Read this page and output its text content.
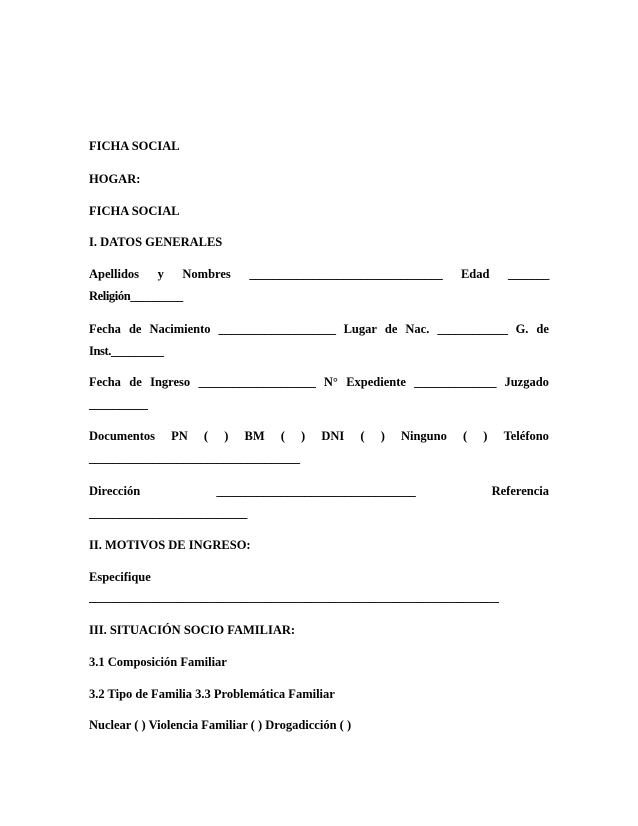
FICHA SOCIAL
HOGAR:
FICHA SOCIAL
I. DATOS GENERALES
Apellidos y Nombres _________________________________ Edad _______
Religión_________
Fecha de Nacimiento ____________________ Lugar de Nac. ____________ G. de
Inst._________
Fecha de Ingreso ____________________ N° Expediente ______________ Juzgado
__________
Documentos PN ( ) BM ( ) DNI ( ) Ninguno ( ) Teléfono
____________________________________
Dirección	__________________________________	Referencia
___________________________
II. MOTIVOS DE INGRESO:
Especifique
______________________________________________________________________
III. SITUACIÓN SOCIO FAMILIAR:
3.1 Composición Familiar
3.2 Tipo de Familia 3.3 Problemática Familiar
Nuclear ( ) Violencia Familiar ( ) Drogadicción ( )
